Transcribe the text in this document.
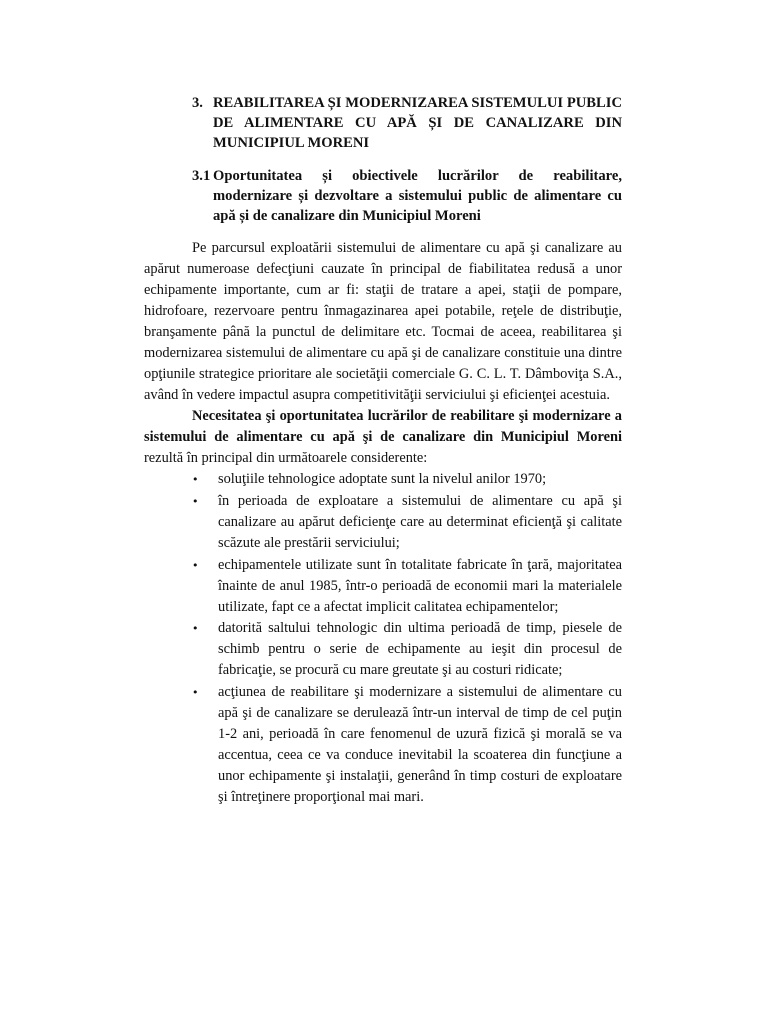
3. REABILITAREA ȘI MODERNIZAREA SISTEMULUI PUBLIC DE ALIMENTARE CU APĂ ȘI DE CANALIZARE DIN MUNICIPIUL MORENI
3.1 Oportunitatea și obiectivele lucrărilor de reabilitare, modernizare și dezvoltare a sistemului public de alimentare cu apă și de canalizare din Municipiul Moreni

Pe parcursul exploatării sistemului de alimentare cu apă şi canalizare au apărut numeroase defecţiuni cauzate în principal de fiabilitatea redusă a unor echipamente importante, cum ar fi: staţii de tratare a apei, staţii de pompare, hidrofoare, rezervoare pentru înmagazinarea apei potabile, reţele de distribuţie, branşamente până la punctul de delimitare etc. Tocmai de aceea, reabilitarea şi modernizarea sistemului de alimentare cu apă şi de canalizare constituie una dintre opţiunile strategice prioritare ale societăţii comerciale G. C. L. T. Dâmboviţa S.A., având în vedere impactul asupra competitivităţii serviciului şi eficienţei acestuia.

Necesitatea şi oportunitatea lucrărilor de reabilitare şi modernizare a sistemului de alimentare cu apă şi de canalizare din Municipiul Moreni rezultă în principal din următoarele considerente:

•	soluţiile tehnologice adoptate sunt la nivelul anilor 1970;
•	în perioada de exploatare a sistemului de alimentare cu apă şi canalizare au apărut deficienţe care au determinat eficienţă şi calitate scăzute ale prestării serviciului;
•	echipamentele utilizate sunt în totalitate fabricate în ţară, majoritatea înainte de anul 1985, într-o perioadă de economii mari la materialele utilizate, fapt ce a afectat implicit calitatea echipamentelor;
•	datorită saltului tehnologic din ultima perioadă de timp, piesele de schimb pentru o serie de echipamente au ieşit din procesul de fabricaţie, se procură cu mare greutate şi au costuri ridicate;
•	acţiunea de reabilitare şi modernizare a sistemului de alimentare cu apă şi de canalizare se derulează într-un interval de timp de cel puţin 1-2 ani, perioadă în care fenomenul de uzură fizică şi morală se va accentua, ceea ce va conduce inevitabil la scoaterea din funcţiune a unor echipamente şi instalaţii, generând în timp costuri de exploatare şi întreţinere proporţional mai mari.
